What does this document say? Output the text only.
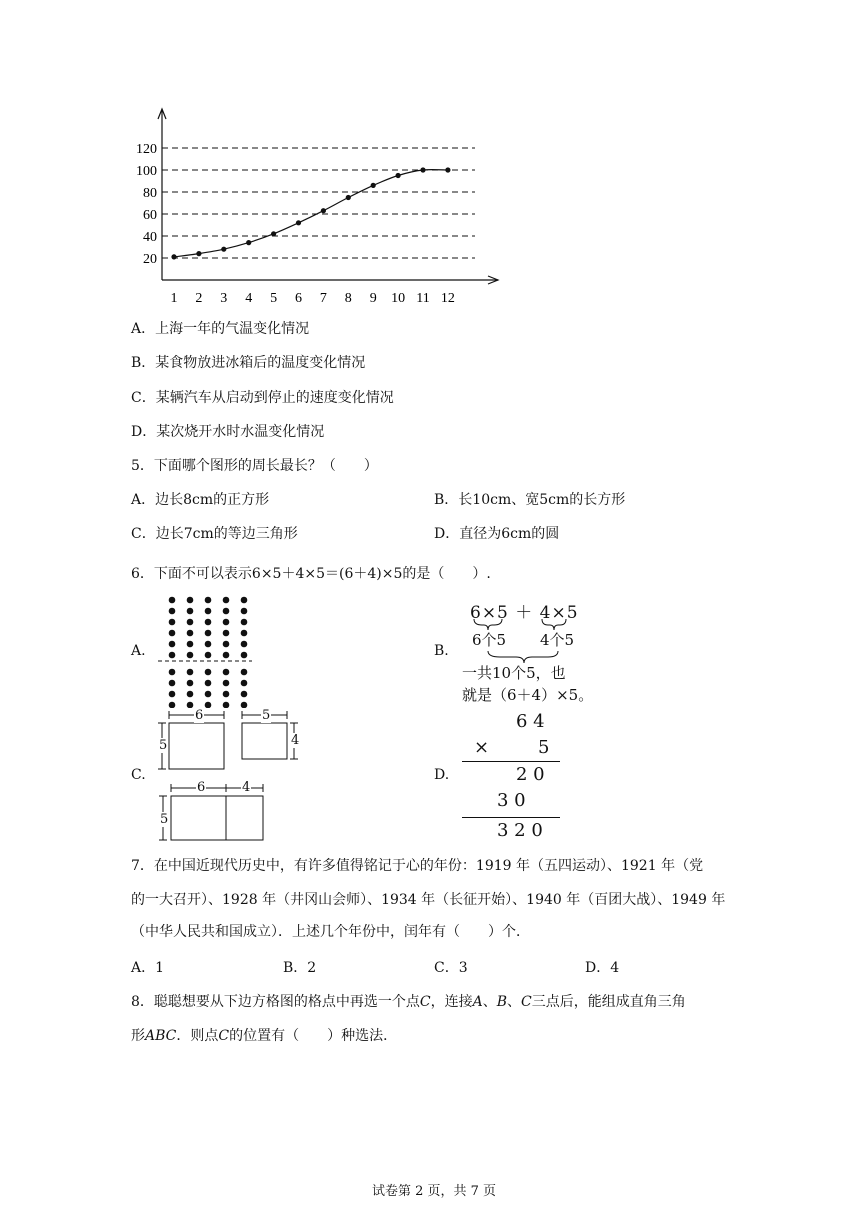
20
40
60
80
100
120
1 2 3 4 5 6 7 8 9 10 11 12
A．上海一年的气温变化情况
B．某食物放进冰箱后的温度变化情况
C．某辆汽车从启动到停止的速度变化情况
D．某次烧开水时水温变化情况
5．下面哪个图形的周长最长？（　　）
A．边长8cm的正方形	B．长10cm、宽5cm的长方形
C．边长7cm的等边三角形	D．直径为6cm的圆
6．下面不可以表示6×5＋4×5＝(6＋4)×5的是（　　）.
A.	B.
6×5 ＋ 4×5
6个5 4个5
一共10个5，也
就是（6＋4）×5。
C.
6	5
5	4
6	4
5
D.
6 4
×	5
2 0
3 0
3 2 0
7．在中国近现代历史中，有许多值得铭记于心的年份：1919 年（五四运动）、1921 年（党
的一大召开）、1928 年（井冈山会师）、1934 年（长征开始）、1940 年（百团大战）、1949 年
（中华人民共和国成立）．上述几个年份中，闰年有（　　）个．
A．1	B．2	C．3	D．4
8．聪聪想要从下边方格图的格点中再选一个点C，连接A、B、C三点后，能组成直角三角
形ABC．则点C的位置有（　　）种选法．
试卷第 2 页，共 7 页
